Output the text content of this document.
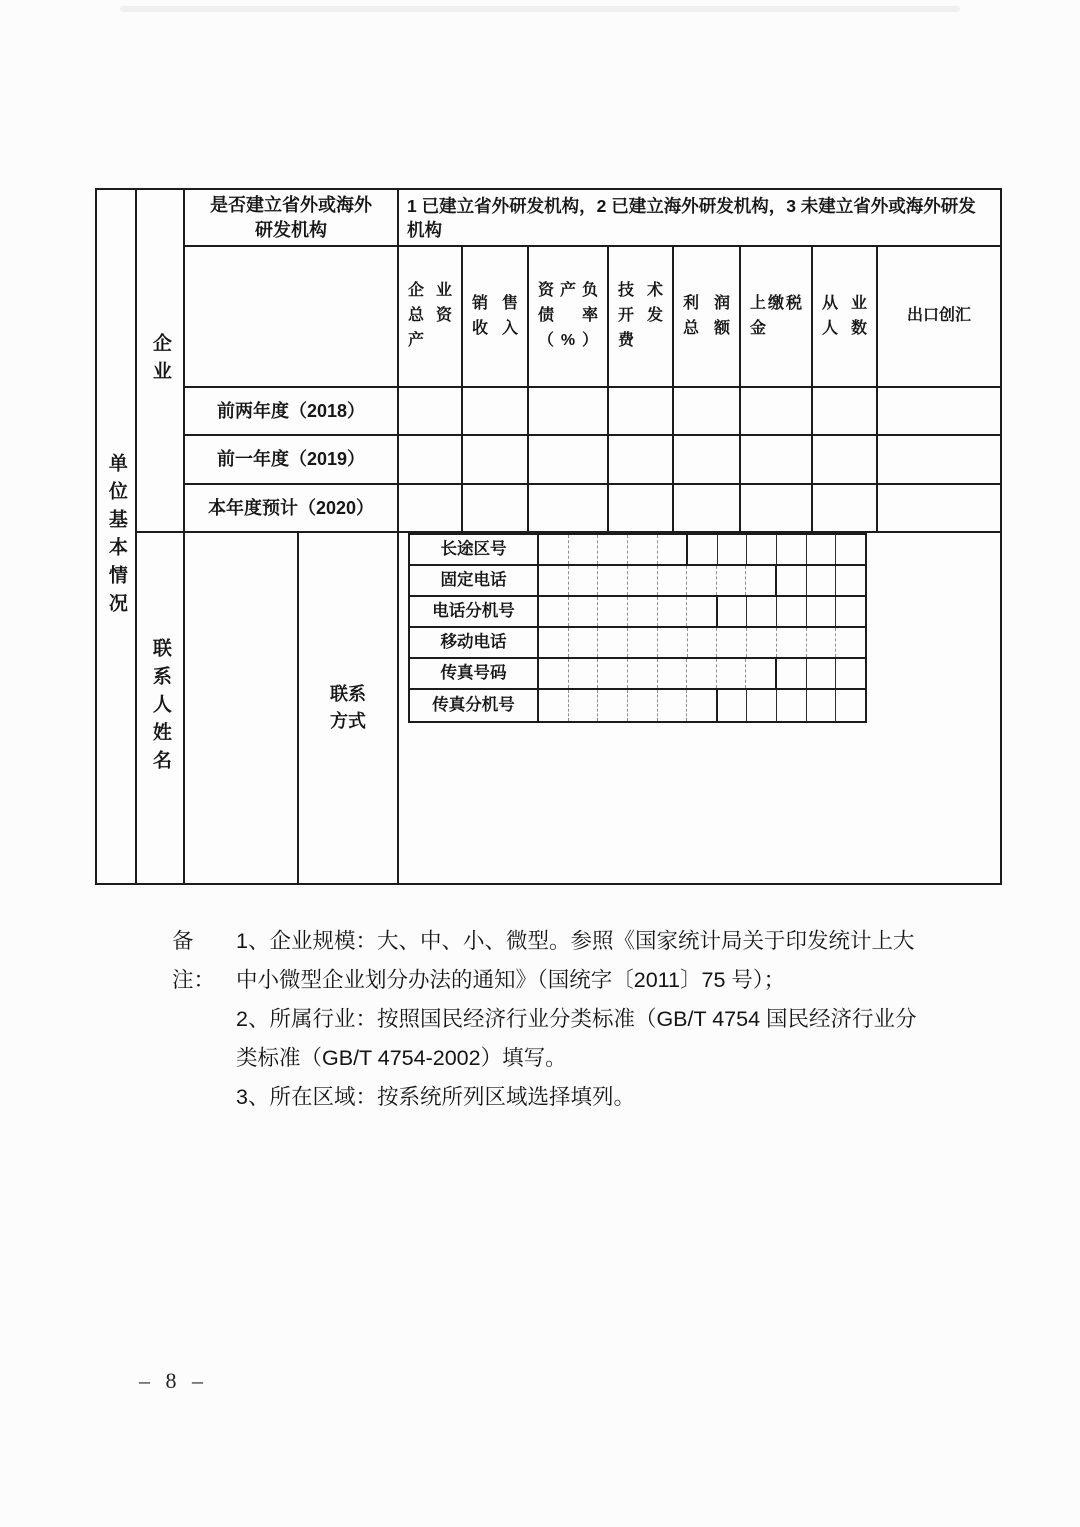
单位基本情况
企业
是否建立省外或海外研发机构
1 已建立省外研发机构，2 已建立海外研发机构，3 未建立省外或海外研发机构
企业总资产
销售收入
资产负债率（%）
技术开发费
利润总额
上缴税金
从业人数
出口创汇
前两年度（2018）
前一年度（2019）
本年度预计（2020）
联系人姓名	联系方式
长途区号
固定电话
电话分机号
移动电话
传真号码
传真分机号
备注：
1、企业规模：大、中、小、微型。参照《国家统计局关于印发统计上大中小微型企业划分办法的通知》（国统字〔2011〕75 号）；
2、所属行业：按照国民经济行业分类标准（GB/T 4754 国民经济行业分类标准（GB/T 4754-2002）填写。
3、所在区域：按系统所列区域选择填列。
– 8 –
